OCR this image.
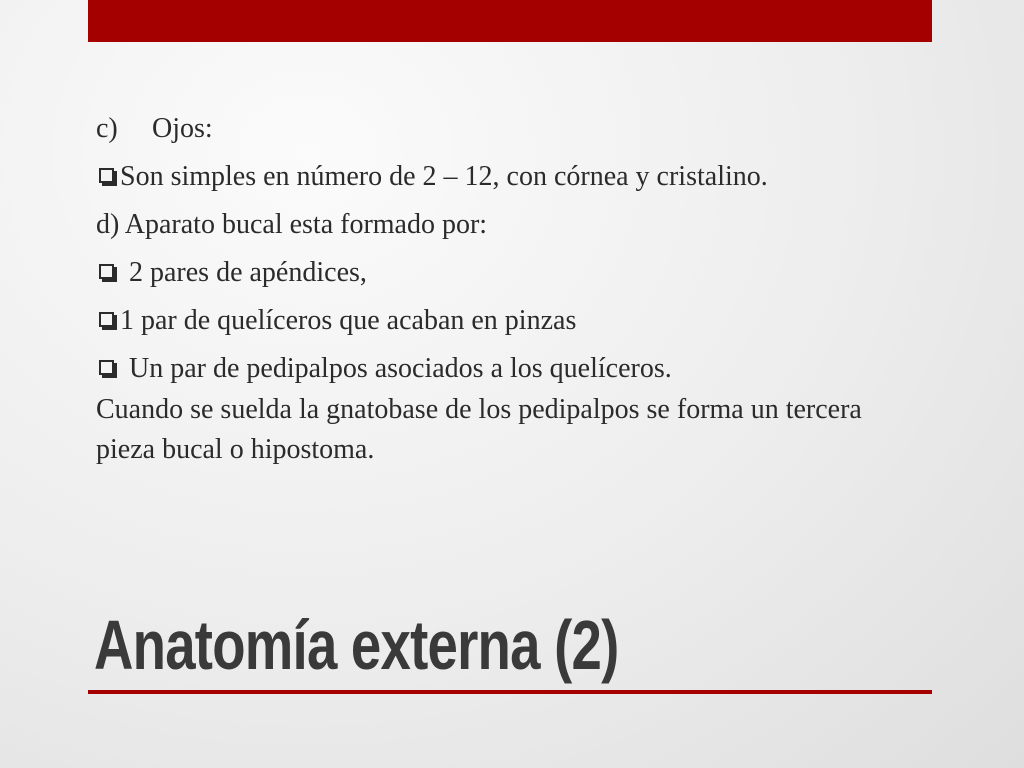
c)	Ojos:
Son simples en número de 2 – 12, con córnea y cristalino.
d) Aparato bucal esta formado por:
2 pares de apéndices,
1 par de quelíceros que acaban en pinzas
Un par de pedipalpos asociados a los quelíceros.
Cuando se suelda la gnatobase de los pedipalpos se forma un tercera pieza bucal o hipostoma.
Anatomía externa (2)
